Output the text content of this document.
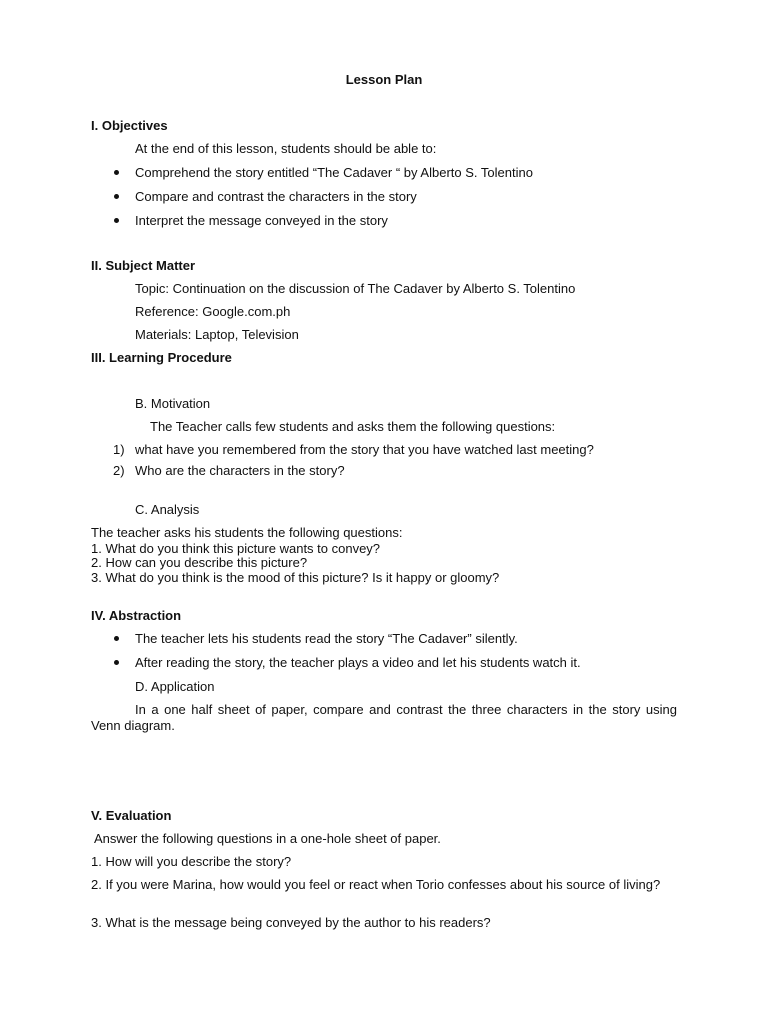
Lesson Plan
I. Objectives
At the end of this lesson, students should be able to:
Comprehend the story entitled “The Cadaver “ by Alberto S. Tolentino
Compare and contrast the characters in the story
Interpret the message conveyed in the story
II. Subject Matter
Topic: Continuation on the discussion of The Cadaver by Alberto S. Tolentino
Reference: Google.com.ph
Materials: Laptop, Television
III. Learning Procedure
B. Motivation
The Teacher calls few students and asks them the following questions:
1) what have you remembered from the story that you have watched last meeting?
2) Who are the characters in the story?
C. Analysis
The teacher asks his students the following questions:
1. What do you think this picture wants to convey?
2. How can you describe this picture?
3. What do you think is the mood of this picture? Is it happy or gloomy?
IV. Abstraction
The teacher lets his students read the story “The Cadaver” silently.
After reading the story, the teacher plays a video and let his students watch it.
D. Application
In a one half sheet of paper, compare and contrast the three characters in the story using Venn diagram.
V. Evaluation
Answer the following questions in a one-hole sheet of paper.
1. How will you describe the story?
2. If you were Marina, how would you feel or react when Torio confesses about his source of living?
3. What is the message being conveyed by the author to his readers?
